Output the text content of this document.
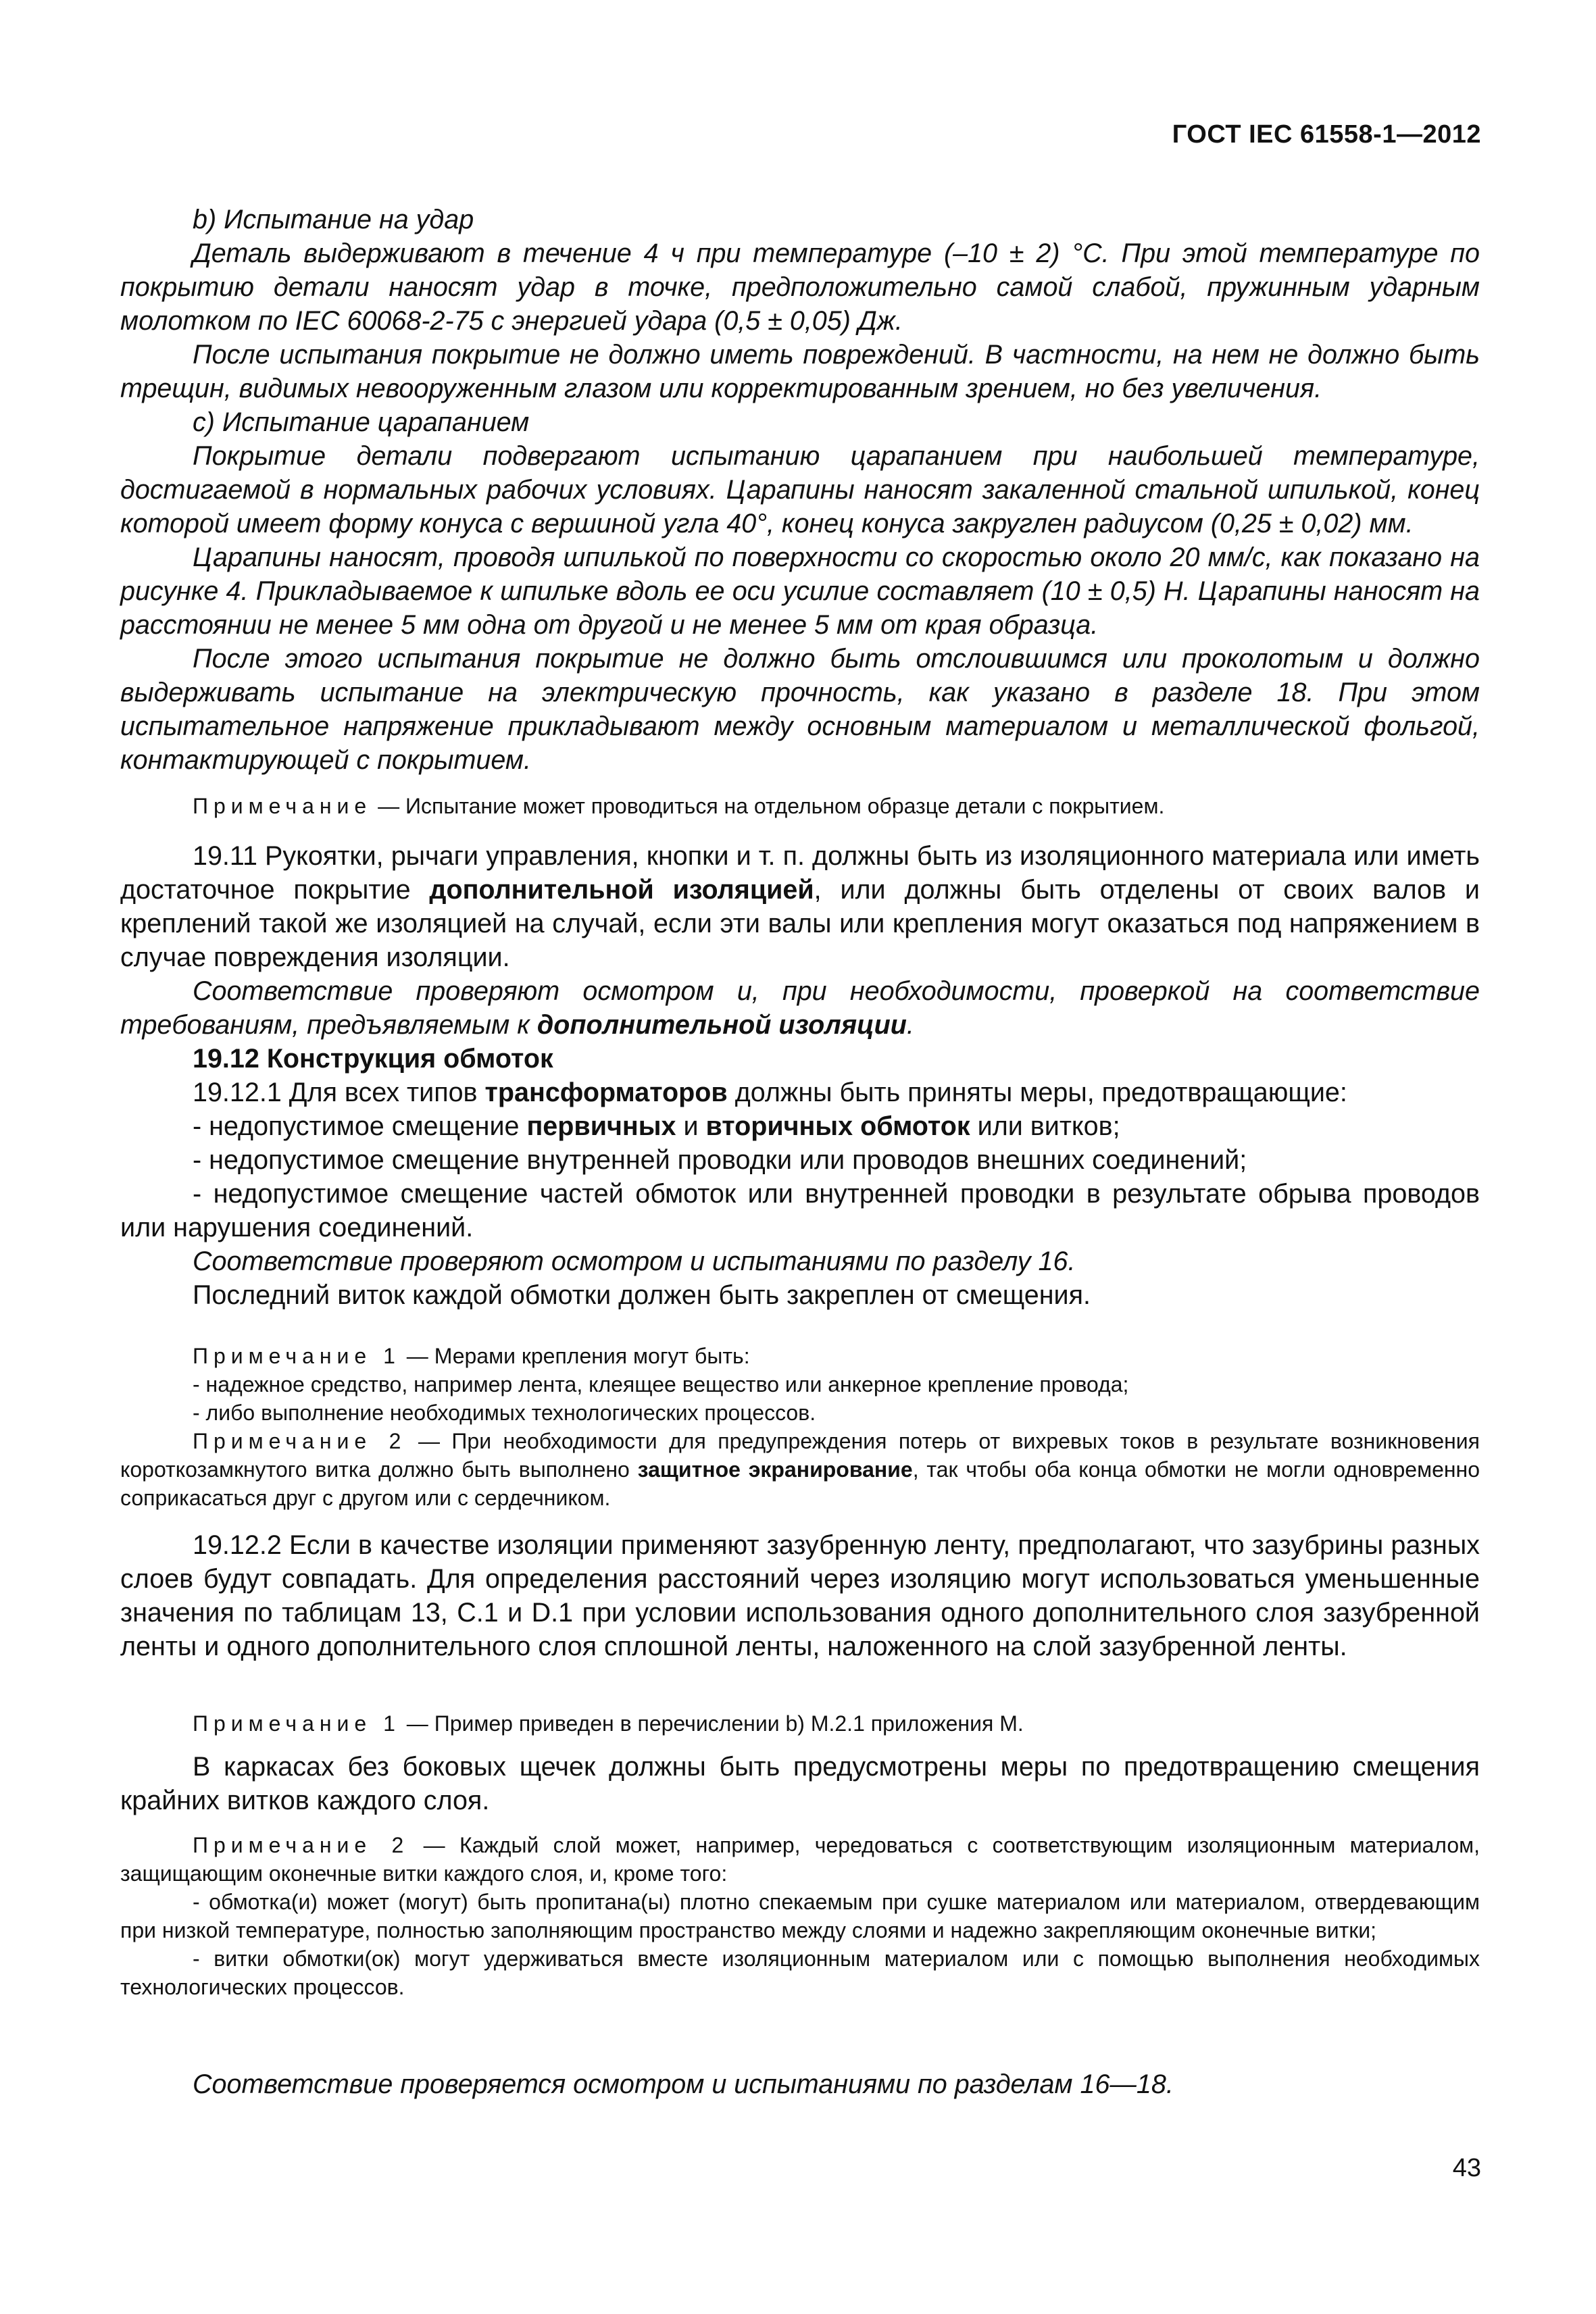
ГОСТ IEC 61558-1—2012

b) Испытание на удар

Деталь выдерживают в течение 4 ч при температуре (–10 ± 2) °С. При этой температуре по покрытию детали наносят удар в точке, предположительно самой слабой, пружинным ударным молотком по IEC 60068-2-75 с энергией удара (0,5 ± 0,05) Дж.

После испытания покрытие не должно иметь повреждений. В частности, на нем не должно быть трещин, видимых невооруженным глазом или корректированным зрением, но без увеличения.

с) Испытание царапанием

Покрытие детали подвергают испытанию царапанием при наибольшей температуре, достигаемой в нормальных рабочих условиях. Царапины наносят закаленной стальной шпилькой, конец которой имеет форму конуса с вершиной угла 40°, конец конуса закруглен радиусом (0,25 ± 0,02) мм.

Царапины наносят, проводя шпилькой по поверхности со скоростью около 20 мм/с, как показано на рисунке 4. Прикладываемое к шпильке вдоль ее оси усилие составляет (10 ± 0,5) Н. Царапины наносят на расстоянии не менее 5 мм одна от другой и не менее 5 мм от края образца.

После этого испытания покрытие не должно быть отслоившимся или проколотым и должно выдерживать испытание на электрическую прочность, как указано в разделе 18. При этом испытательное напряжение прикладывают между основным материалом и металлической фольгой, контактирующей с покрытием.

Примечание — Испытание может проводиться на отдельном образце детали с покрытием.

19.11 Рукоятки, рычаги управления, кнопки и т. п. должны быть из изоляционного материала или иметь достаточное покрытие дополнительной изоляцией, или должны быть отделены от своих валов и креплений такой же изоляцией на случай, если эти валы или крепления могут оказаться под напряжением в случае повреждения изоляции.

Соответствие проверяют осмотром и, при необходимости, проверкой на соответствие требованиям, предъявляемым к дополнительной изоляции.

19.12 Конструкция обмоток

19.12.1 Для всех типов трансформаторов должны быть приняты меры, предотвращающие:

- недопустимое смещение первичных и вторичных обмоток или витков;

- недопустимое смещение внутренней проводки или проводов внешних соединений;

- недопустимое смещение частей обмоток или внутренней проводки в результате обрыва проводов или нарушения соединений.

Соответствие проверяют осмотром и испытаниями по разделу 16.

Последний виток каждой обмотки должен быть закреплен от смещения.

Примечание 1 — Мерами крепления могут быть:

- надежное средство, например лента, клеящее вещество или анкерное крепление провода;

- либо выполнение необходимых технологических процессов.

Примечание 2 — При необходимости для предупреждения потерь от вихревых токов в результате возникновения короткозамкнутого витка должно быть выполнено защитное экранирование, так чтобы оба конца обмотки не могли одновременно соприкасаться друг с другом или с сердечником.

19.12.2 Если в качестве изоляции применяют зазубренную ленту, предполагают, что зазубрины разных слоев будут совпадать. Для определения расстояний через изоляцию могут использоваться уменьшенные значения по таблицам 13, С.1 и D.1 при условии использования одного дополнительного слоя зазубренной ленты и одного дополнительного слоя сплошной ленты, наложенного на слой зазубренной ленты.

Примечание 1 — Пример приведен в перечислении b) М.2.1 приложения М.

В каркасах без боковых щечек должны быть предусмотрены меры по предотвращению смещения крайних витков каждого слоя.

Примечание 2 — Каждый слой может, например, чередоваться с соответствующим изоляционным материалом, защищающим оконечные витки каждого слоя, и, кроме того:

- обмотка(и) может (могут) быть пропитана(ы) плотно спекаемым при сушке материалом или материалом, отвердевающим при низкой температуре, полностью заполняющим пространство между слоями и надежно закрепляющим оконечные витки;

- витки обмотки(ок) могут удерживаться вместе изоляционным материалом или с помощью выполнения необходимых технологических процессов.

Соответствие проверяется осмотром и испытаниями по разделам 16—18.

43
